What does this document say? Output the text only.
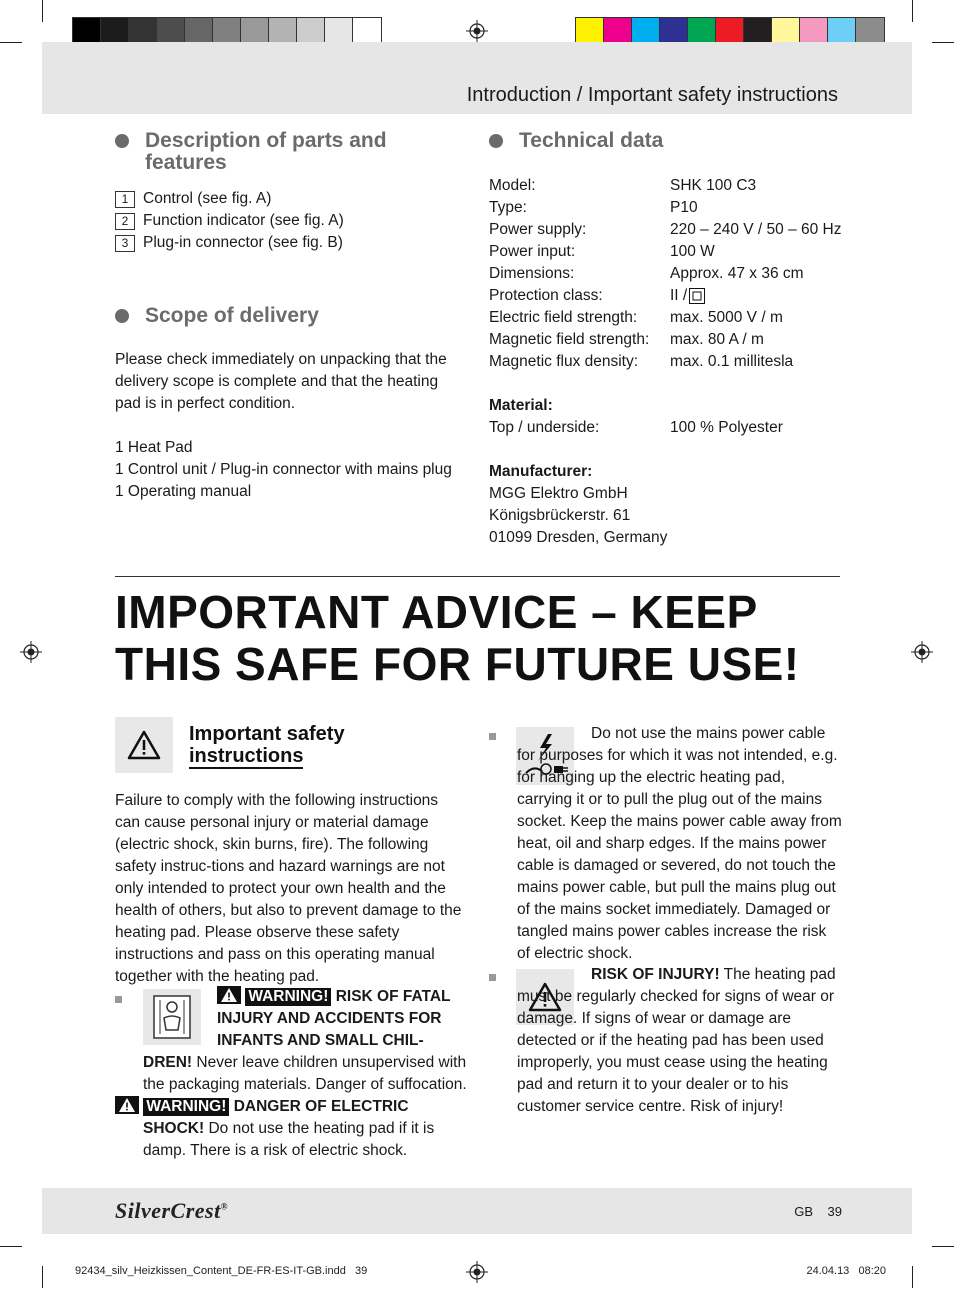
Introduction / Important safety instructions
Description of parts and features
1 Control (see fig. A)
2 Function indicator (see fig. A)
3 Plug-in connector (see fig. B)
Scope of delivery

Please check immediately on unpacking that the delivery scope is complete and that the heating pad is in perfect condition.

1 Heat Pad

1 Control unit / Plug-in connector with mains plug

1 Operating manual

Technical data
Model:	SHK 100 C3
Type:	P10
Power supply:	220 – 240 V / 50 – 60 Hz
Power input:	100 W
Dimensions:	Approx. 47 x 36 cm
Protection class:	II /
Electric field strength:	max. 5000 V / m
Magnetic field strength:	max. 80 A / m
Magnetic flux density:	max. 0.1 millitesla
Material:
Top / underside:	100 % Polyester
Manufacturer:

MGG Elektro GmbH

Königsbrückerstr. 61

01099 Dresden, Germany

IMPORTANT ADVICE – KEEP
THIS SAFE FOR FUTURE USE!
Important safety
instructions

Failure to comply with the following instructions can cause personal injury or material damage (electric shock, skin burns, fire). The following safety instruc-tions and hazard warnings are not only intended to protect your own health and the health of others, but also to prevent damage to the heating pad. Please observe these safety instructions and pass on this operating manual together with the heating pad.

WARNING! RISK OF FATAL
INJURY AND ACCIDENTS FOR
INFANTS AND SMALL CHIL-
DREN! Never leave children unsupervised with the packaging materials. Danger of suffocation.
WARNING! DANGER OF ELECTRIC
SHOCK! Do not use the heating pad if it is damp. There is a risk of electric shock.
Do not use the mains power cable for purposes for which it was not intended, e.g. for hanging up the electric heating pad, carrying it or to pull the plug out of the mains socket. Keep the mains power cable away from heat, oil and sharp edges. If the mains power cable is damaged or severed, do not touch the mains power cable, but pull the mains plug out of the mains socket immediately. Damaged or tangled mains power cables increase the risk of electric shock.
RISK OF INJURY! The heating pad must be regularly checked for signs of wear or damage. If signs of wear or damage are detected or if the heating pad has been used improperly, you must cease using the heating pad and return it to your dealer or to his customer service centre. Risk of injury!
SilverCrest®	GB    39
92434_silv_Heizkissen_Content_DE-FR-ES-IT-GB.indd   39	24.04.13   08:20
